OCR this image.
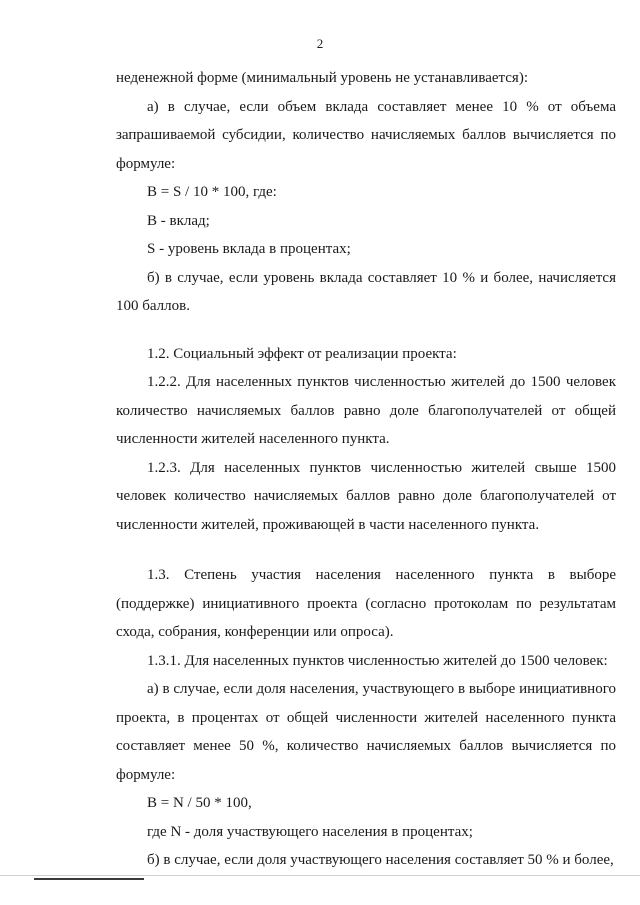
2

неденежной форме (минимальный уровень не устанавливается):

а) в случае, если объем вклада составляет менее 10 % от объема запрашиваемой субсидии, количество начисляемых баллов вычисляется по формуле:

B = S / 10 * 100, где:

B - вклад;

S - уровень вклада в процентах;

б) в случае, если уровень вклада составляет 10 % и более, начисляется 100 баллов.

1.2. Социальный эффект от реализации проекта:

1.2.2. Для населенных пунктов численностью жителей до 1500 человек количество начисляемых баллов равно доле благополучателей от общей численности жителей населенного пункта.

1.2.3. Для населенных пунктов численностью жителей свыше 1500 человек количество начисляемых баллов равно доле благополучателей от численности жителей, проживающей в части населенного пункта.

1.3. Степень участия населения населенного пункта в выборе (поддержке) инициативного проекта (согласно протоколам по результатам схода, собрания, конференции или опроса).

1.3.1. Для населенных пунктов численностью жителей до 1500 человек:

а) в случае, если доля населения, участвующего в выборе инициативного проекта, в процентах от общей численности жителей населенного пункта составляет менее 50 %, количество начисляемых баллов вычисляется по формуле:

B = N / 50 * 100,

где N - доля участвующего населения в процентах;

б) в случае, если доля участвующего населения составляет 50 % и более,
